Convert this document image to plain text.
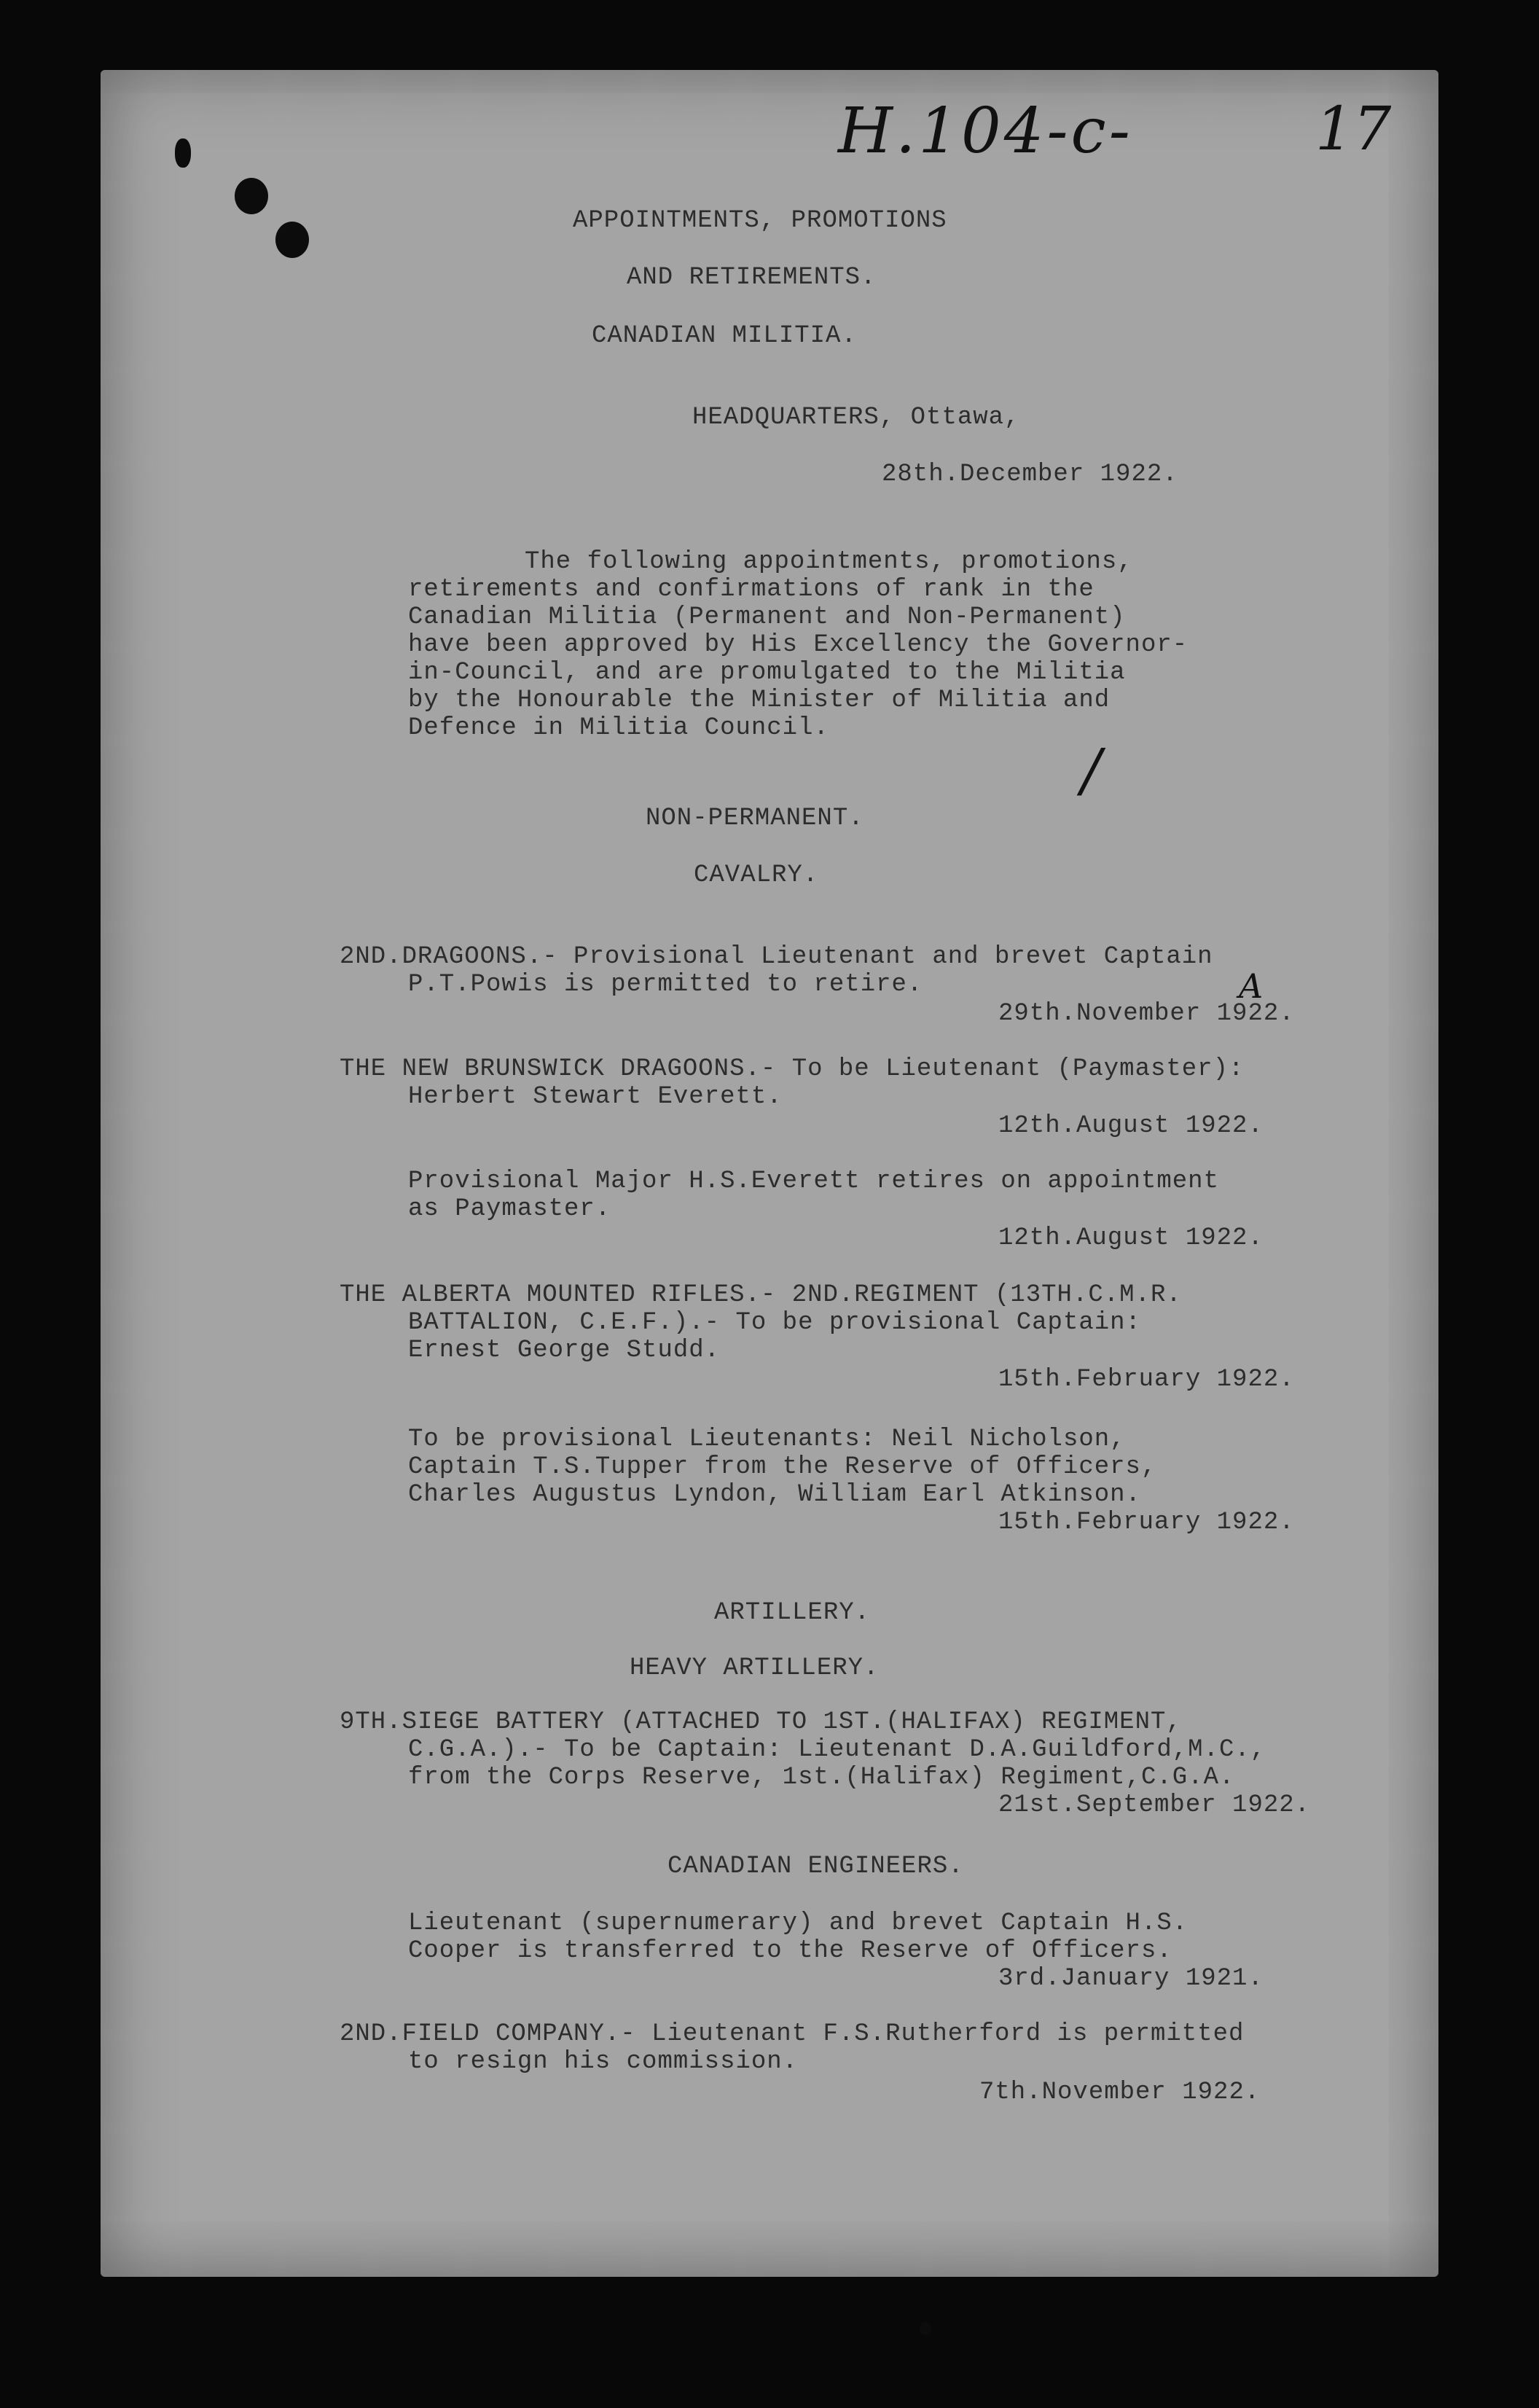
H.104-c-	17
/
A
APPOINTMENTS, PROMOTIONS
AND RETIREMENTS.
CANADIAN MILITIA.
HEADQUARTERS, Ottawa,
28th.December 1922.
The following appointments, promotions,
retirements and confirmations of rank in the
Canadian Militia (Permanent and Non-Permanent)
have been approved by His Excellency the Governor-
in-Council, and are promulgated to the Militia
by the Honourable the Minister of Militia and
Defence in Militia Council.
NON-PERMANENT.
CAVALRY.
2ND.DRAGOONS.- Provisional Lieutenant and brevet Captain
P.T.Powis is permitted to retire.
29th.November 1922.
THE NEW BRUNSWICK DRAGOONS.- To be Lieutenant (Paymaster):
Herbert Stewart Everett.
12th.August 1922.
Provisional Major H.S.Everett retires on appointment
as Paymaster.
12th.August 1922.
THE ALBERTA MOUNTED RIFLES.- 2ND.REGIMENT (13TH.C.M.R.
BATTALION, C.E.F.).- To be provisional Captain:
Ernest George Studd.
15th.February 1922.
To be provisional Lieutenants: Neil Nicholson,
Captain T.S.Tupper from the Reserve of Officers,
Charles Augustus Lyndon, William Earl Atkinson.
15th.February 1922.
ARTILLERY.
HEAVY ARTILLERY.
9TH.SIEGE BATTERY (ATTACHED TO 1ST.(HALIFAX) REGIMENT,
C.G.A.).- To be Captain: Lieutenant D.A.Guildford,M.C.,
from the Corps Reserve, 1st.(Halifax) Regiment,C.G.A.
21st.September 1922.
CANADIAN ENGINEERS.
Lieutenant (supernumerary) and brevet Captain H.S.
Cooper is transferred to the Reserve of Officers.
3rd.January 1921.
2ND.FIELD COMPANY.- Lieutenant F.S.Rutherford is permitted
to resign his commission.
7th.November 1922.
